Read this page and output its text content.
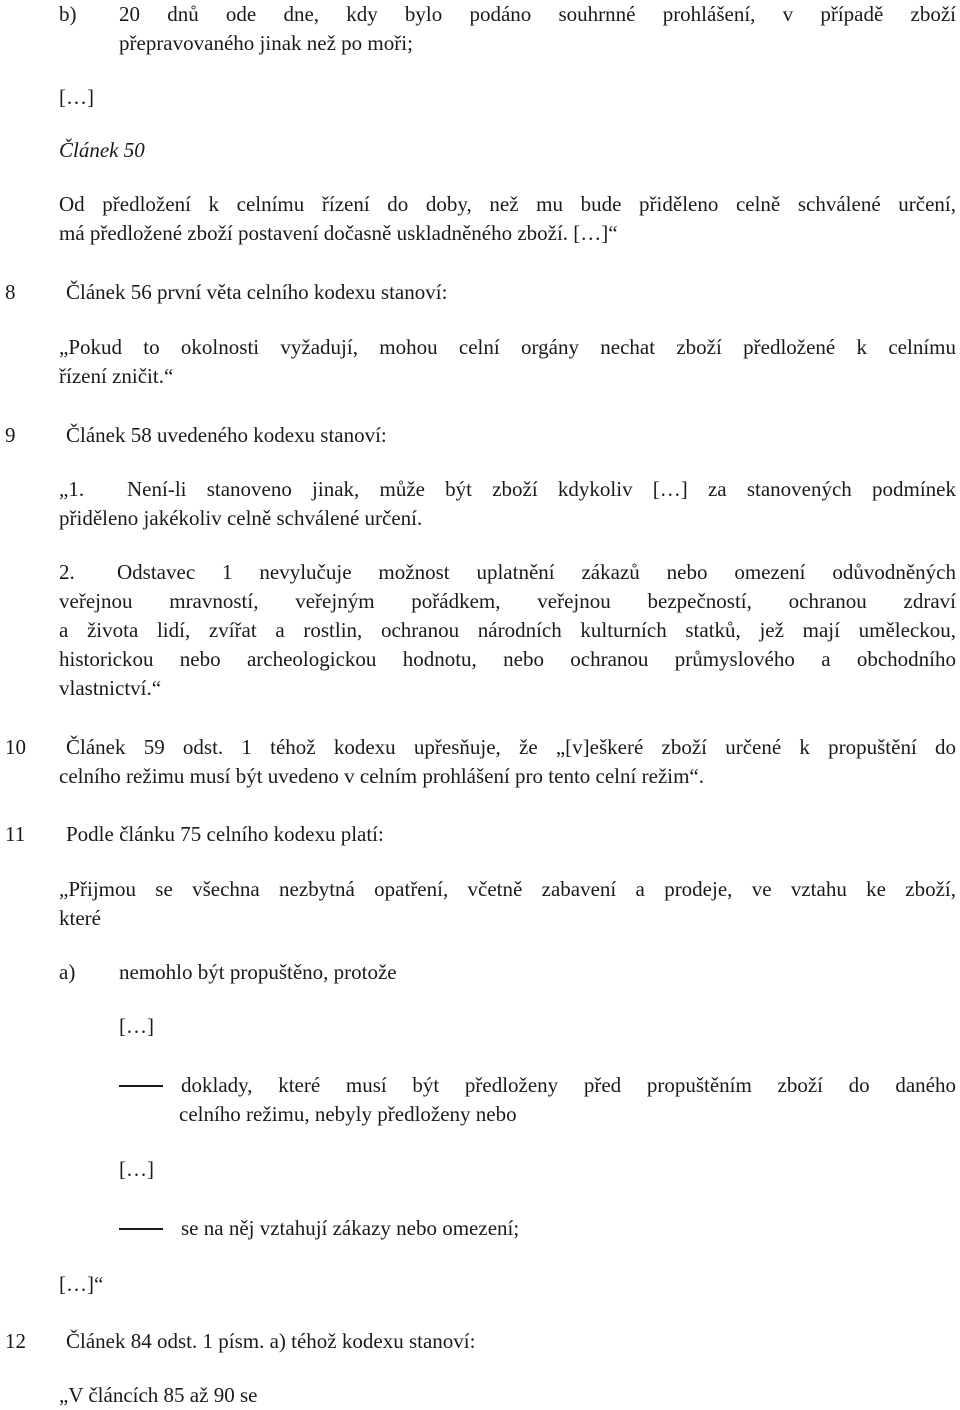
b) 20 dnů ode dne, kdy bylo podáno souhrnné prohlášení, v případě zboží
přepravovaného jinak než po moři;
[…]
Článek 50
Od předložení k celnímu řízení do doby, než mu bude přiděleno celně schválené určení,
má předložené zboží postavení dočasně uskladněného zboží. […]“
8 Článek 56 první věta celního kodexu stanoví:
„Pokud to okolnosti vyžadují, mohou celní orgány nechat zboží předložené k celnímu
řízení zničit.“
9 Článek 58 uvedeného kodexu stanoví:
„1. Není-li stanoveno jinak, může být zboží kdykoliv […] za stanovených podmínek
přiděleno jakékoliv celně schválené určení.
2. Odstavec 1 nevylučuje možnost uplatnění zákazů nebo omezení odůvodněných
veřejnou mravností, veřejným pořádkem, veřejnou bezpečností, ochranou zdraví
a života lidí, zvířat a rostlin, ochranou národních kulturních statků, jež mají uměleckou,
historickou nebo archeologickou hodnotu, nebo ochranou průmyslového a obchodního
vlastnictví.“
10 Článek 59 odst. 1 téhož kodexu upřesňuje, že „[v]eškeré zboží určené k propuštění do
celního režimu musí být uvedeno v celním prohlášení pro tento celní režim“.
11 Podle článku 75 celního kodexu platí:
„Přijmou se všechna nezbytná opatření, včetně zabavení a prodeje, ve vztahu ke zboží,
které
a) nemohlo být propuštěno, protože
[…]
doklady, které musí být předloženy před propuštěním zboží do daného
celního režimu, nebyly předloženy nebo
[…]
se na něj vztahují zákazy nebo omezení;
[…]“
12 Článek 84 odst. 1 písm. a) téhož kodexu stanoví:
„V článcích 85 až 90 se
